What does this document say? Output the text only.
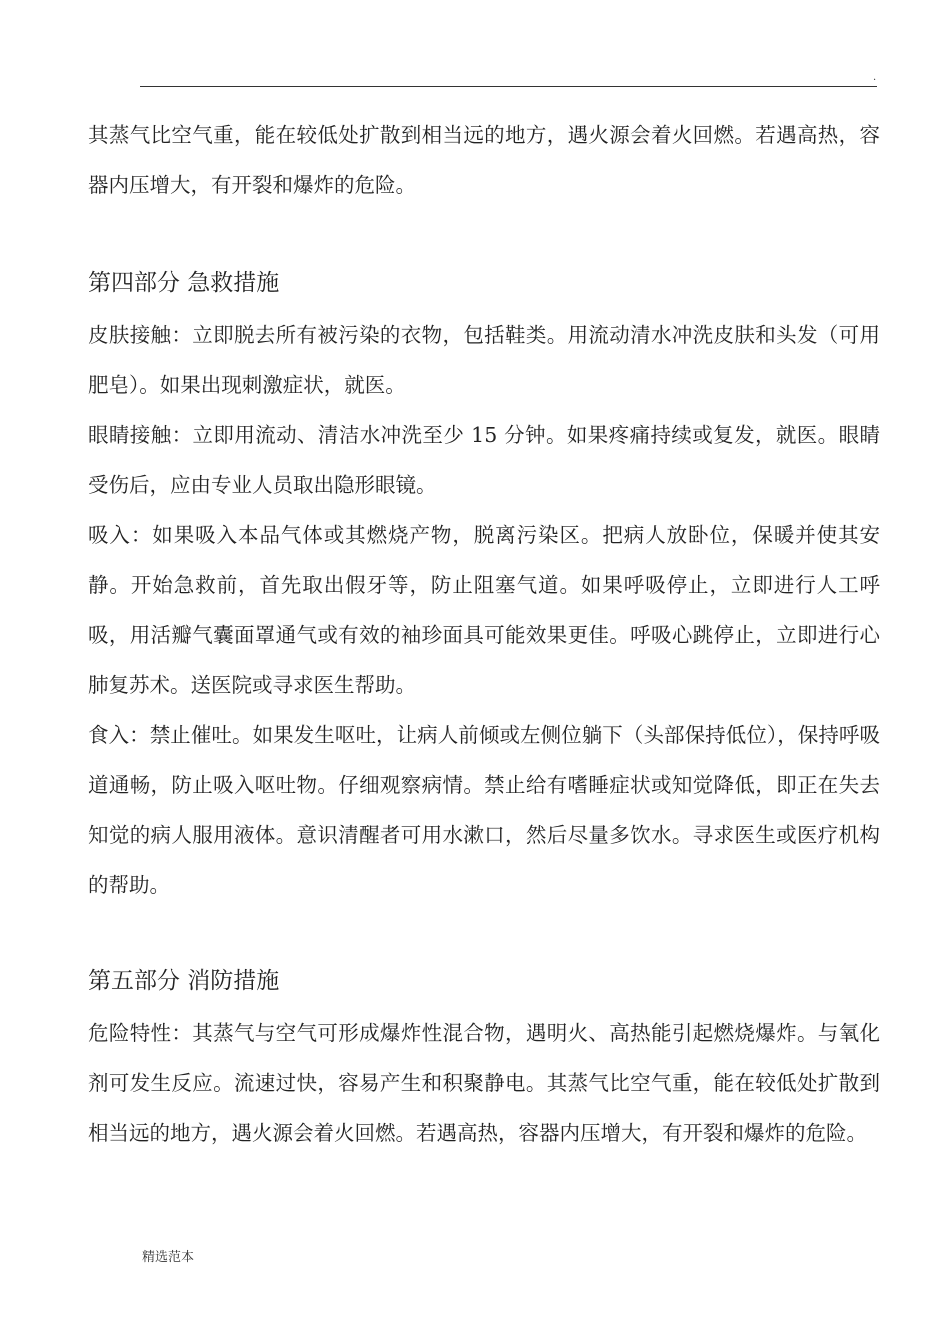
.

其蒸气比空气重，能在较低处扩散到相当远的地方，遇火源会着火回燃。若遇高热，容器内压增大，有开裂和爆炸的危险。

第四部分 急救措施

皮肤接触：立即脱去所有被污染的衣物，包括鞋类。用流动清水冲洗皮肤和头发（可用肥皂）。如果出现刺激症状，就医。

眼睛接触：立即用流动、清洁水冲洗至少 15 分钟。如果疼痛持续或复发，就医。眼睛受伤后，应由专业人员取出隐形眼镜。

吸入：如果吸入本品气体或其燃烧产物，脱离污染区。把病人放卧位，保暖并使其安静。开始急救前，首先取出假牙等，防止阻塞气道。如果呼吸停止，立即进行人工呼吸，用活瓣气囊面罩通气或有效的袖珍面具可能效果更佳。呼吸心跳停止，立即进行心肺复苏术。送医院或寻求医生帮助。

食入：禁止催吐。如果发生呕吐，让病人前倾或左侧位躺下（头部保持低位），保持呼吸道通畅，防止吸入呕吐物。仔细观察病情。禁止给有嗜睡症状或知觉降低，即正在失去知觉的病人服用液体。意识清醒者可用水漱口，然后尽量多饮水。寻求医生或医疗机构的帮助。

第五部分 消防措施

危险特性：其蒸气与空气可形成爆炸性混合物，遇明火、高热能引起燃烧爆炸。与氧化剂可发生反应。流速过快，容易产生和积聚静电。其蒸气比空气重，能在较低处扩散到相当远的地方，遇火源会着火回燃。若遇高热，容器内压增大，有开裂和爆炸的危险。

精选范本
